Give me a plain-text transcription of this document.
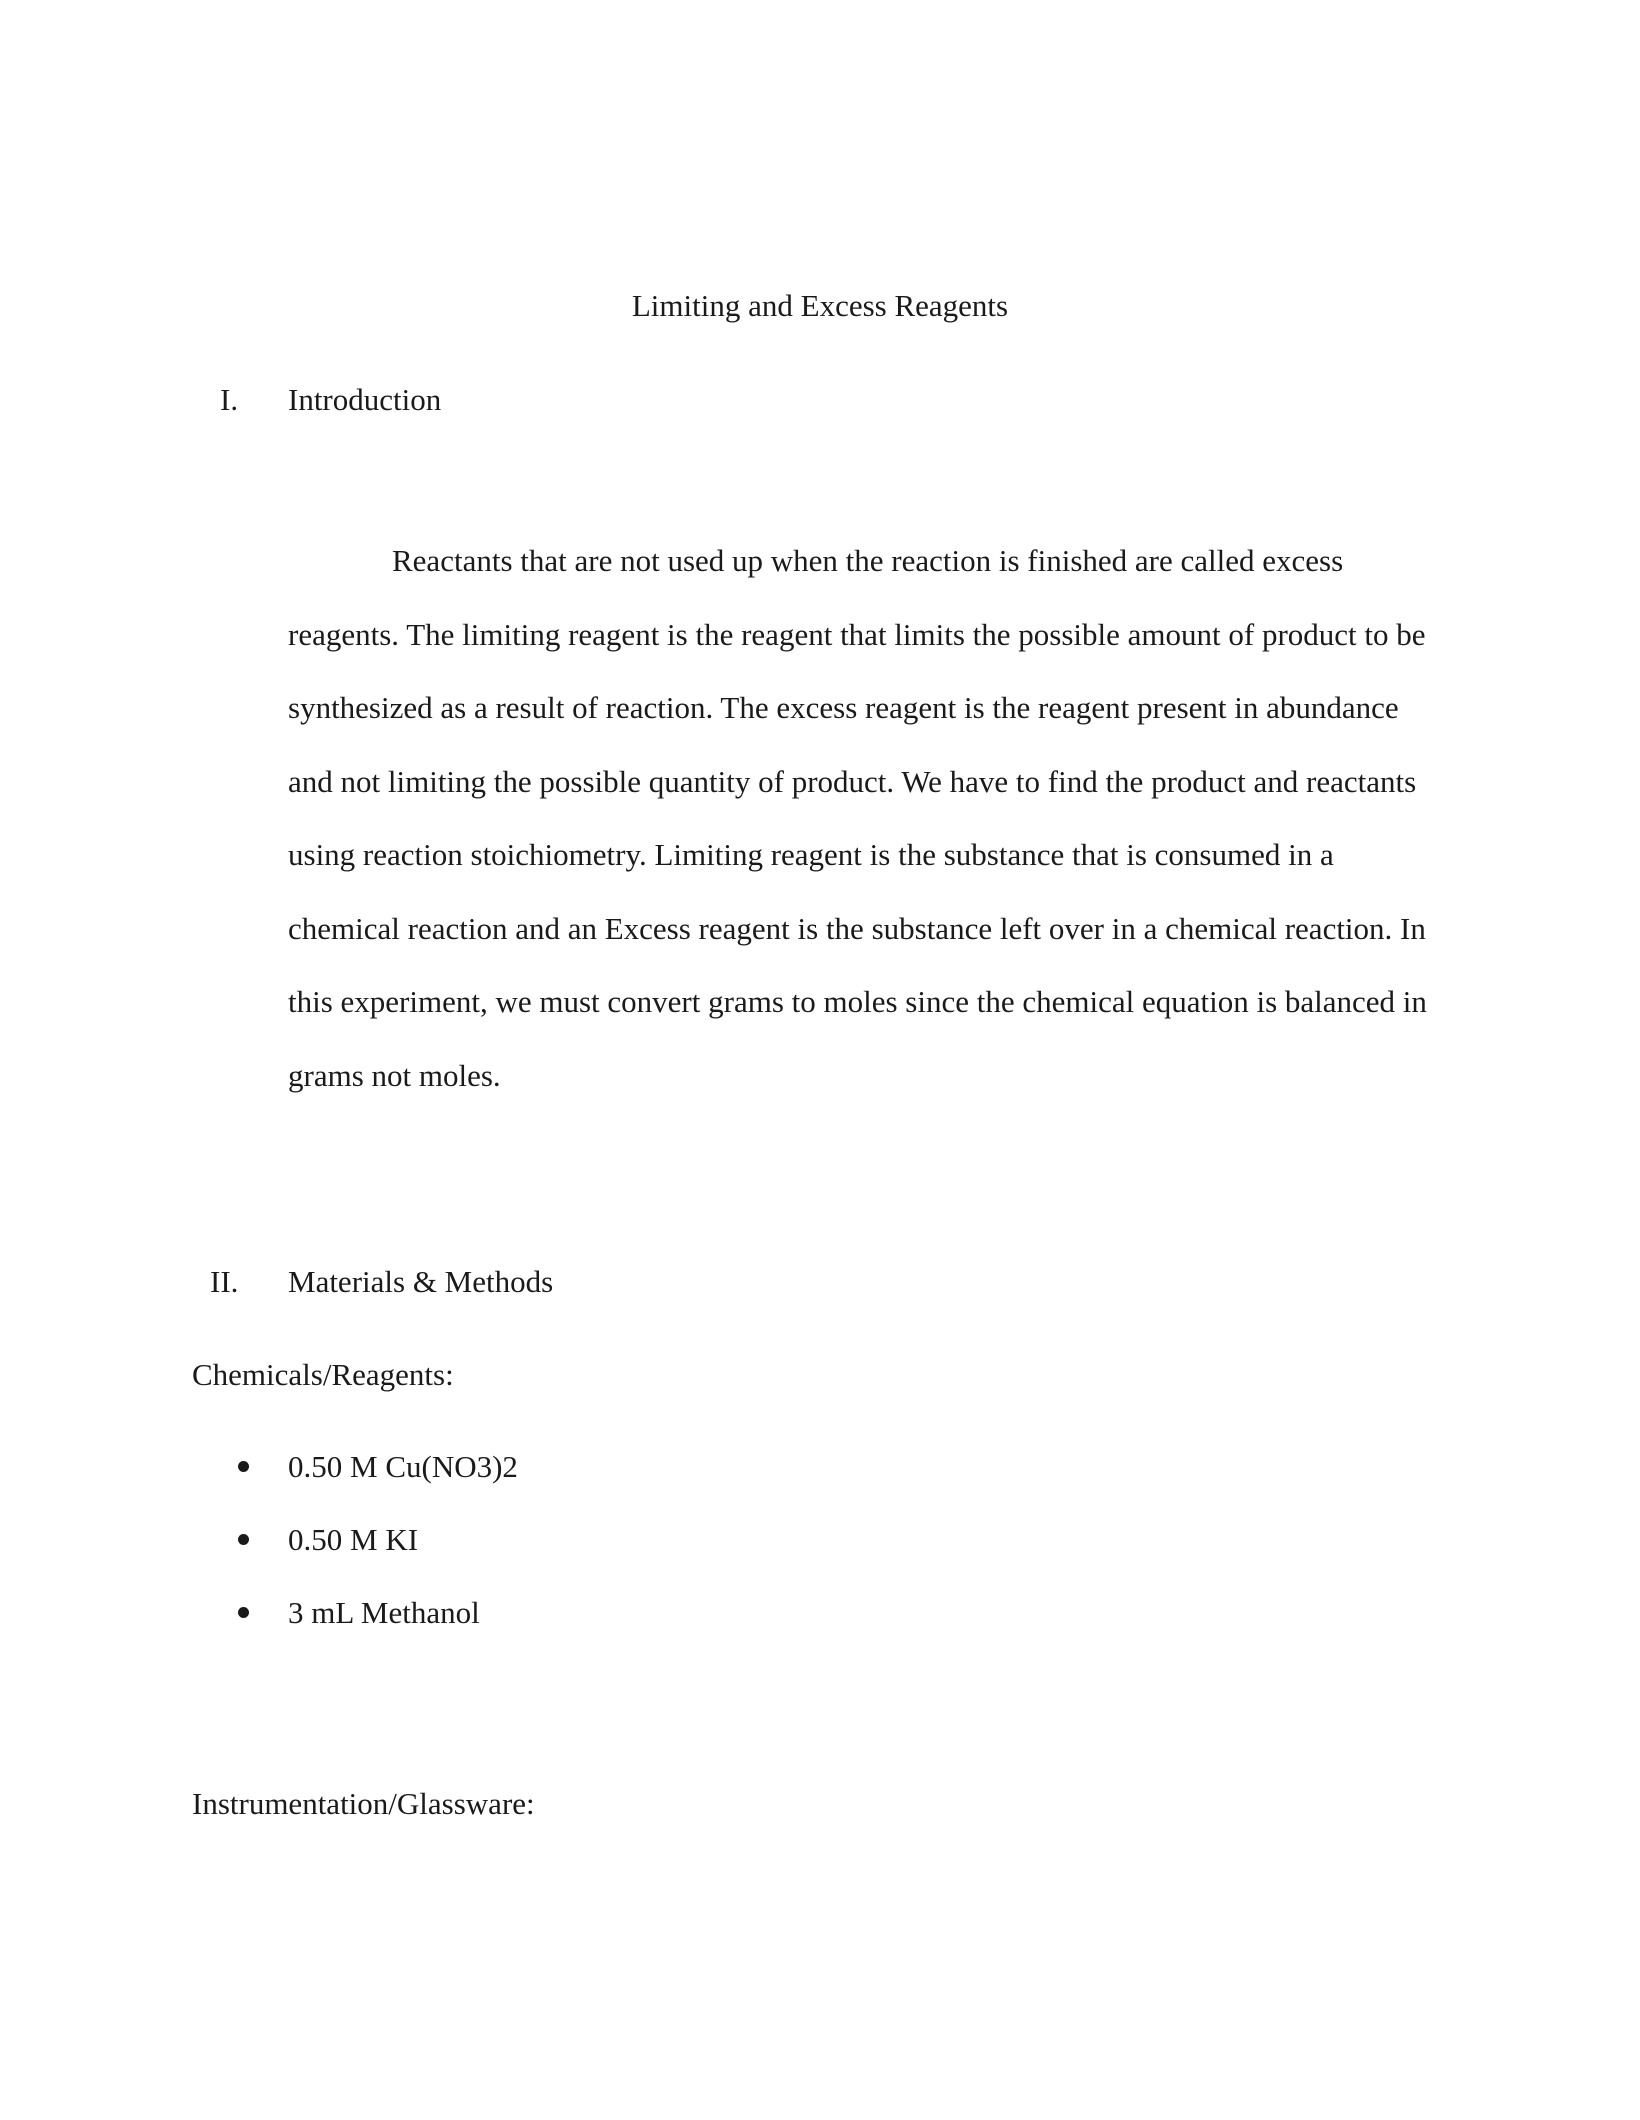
Limiting and Excess Reagents
I. Introduction

Reactants that are not used up when the reaction is finished are called excess reagents. The limiting reagent is the reagent that limits the possible amount of product to be synthesized as a result of reaction. The excess reagent is the reagent present in abundance and not limiting the possible quantity of product. We have to find the product and reactants using reaction stoichiometry. Limiting reagent is the substance that is consumed in a chemical reaction and an Excess reagent is the substance left over in a chemical reaction. In this experiment, we must convert grams to moles since the chemical equation is balanced in grams not moles.

II. Materials & Methods
Chemicals/Reagents:
0.50 M Cu(NO3)2
0.50 M KI
3 mL Methanol
Instrumentation/Glassware:
